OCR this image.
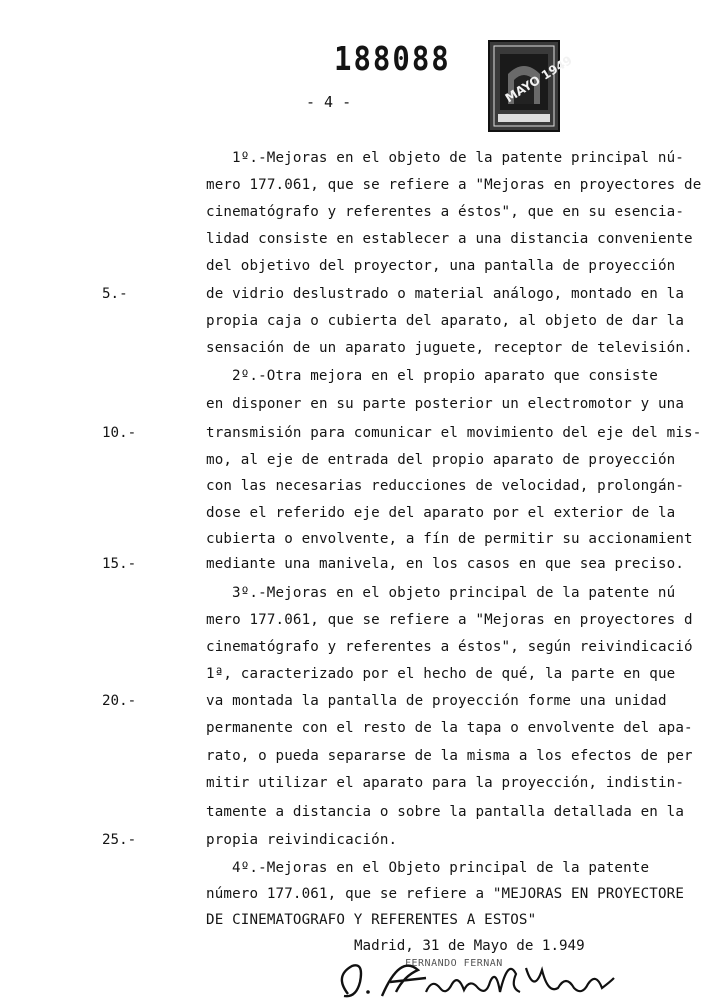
188088
- 4 -	MAYO 1949
5.-
10.-
15.-
20.-
25.-
1º.-Mejoras en el objeto de la patente principal nú-
mero 177.061, que se refiere a "Mejoras en proyectores de
cinematógrafo y referentes a éstos", que en su esencia-
lidad consiste en establecer a una distancia conveniente
del objetivo del proyector, una pantalla de proyección
de vidrio deslustrado o material análogo, montado en la
propia caja o cubierta del aparato, al objeto de dar la
sensación de un aparato juguete, receptor de televisión.
2º.-Otra mejora en el propio aparato que consiste
en disponer en su parte posterior un electromotor y una
transmisión para comunicar el movimiento del eje del mis-
mo, al eje de entrada del propio aparato de proyección
con las necesarias reducciones de velocidad, prolongán-
dose el referido eje del aparato por el exterior de la
cubierta o envolvente, a fín de permitir su accionamient
mediante una manivela, en los casos en que sea preciso.
3º.-Mejoras en el objeto principal de la patente nú
mero 177.061, que se refiere a "Mejoras en proyectores d
cinematógrafo y referentes a éstos", según reivindicació
1ª, caracterizado por el hecho de qué, la parte en que
va montada la pantalla de proyección forme una unidad
permanente con el resto de la tapa o envolvente del apa-
rato, o pueda separarse de la misma a los efectos de per
mitir utilizar el aparato para la proyección, indistin-
tamente a distancia o sobre la pantalla detallada en la
propia reivindicación.
4º.-Mejoras en el Objeto principal de la patente
número 177.061, que se refiere a "MEJORAS EN PROYECTORE
DE CINEMATOGRAFO Y REFERENTES A ESTOS"
Madrid, 31 de Mayo de 1.949
FERNANDO FERNAN
